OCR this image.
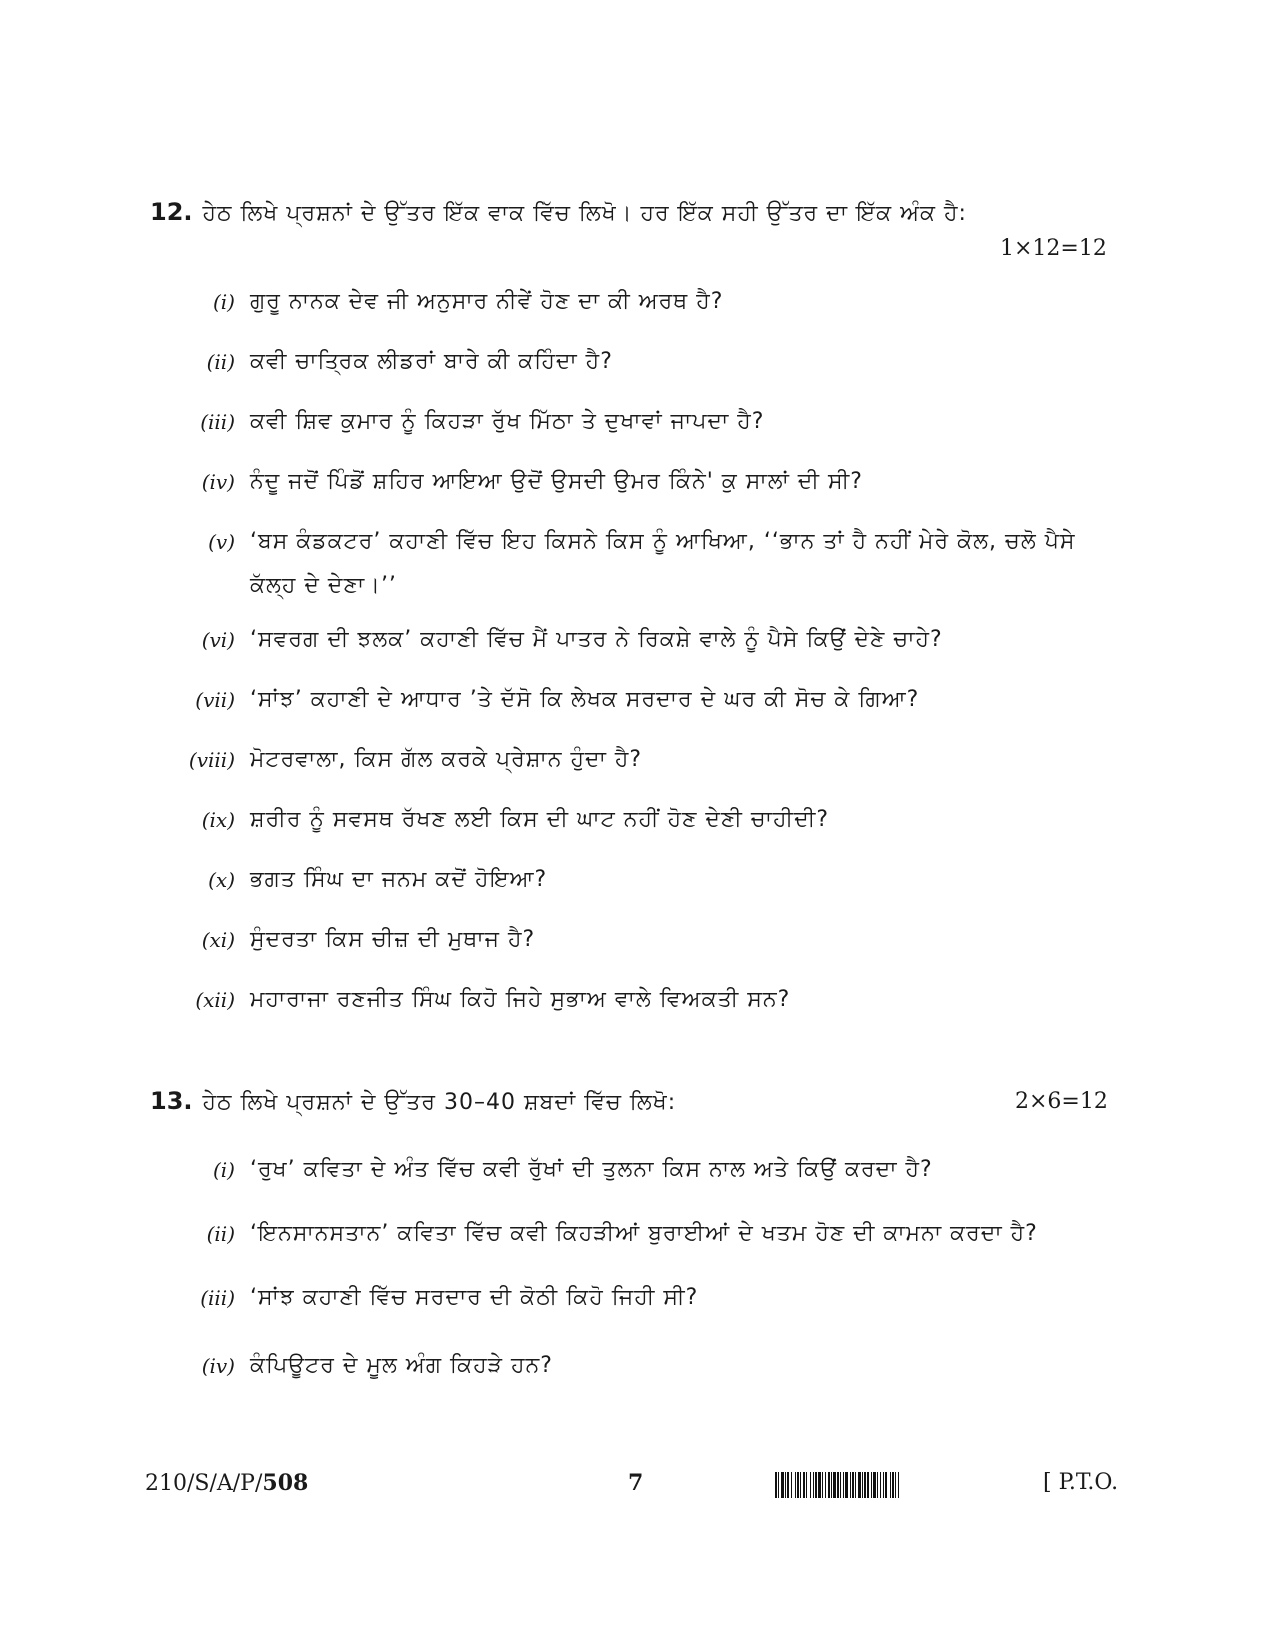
12. ਹੇਠ ਲਿਖੇ ਪ੍ਰਸ਼ਨਾਂ ਦੇ ਉੱਤਰ ਇੱਕ ਵਾਕ ਵਿੱਚ ਲਿਖੋ। ਹਰ ਇੱਕ ਸਹੀ ਉੱਤਰ ਦਾ ਇੱਕ ਅੰਕ ਹੈ:
1×12=12
(i) ਗੁਰੂ ਨਾਨਕ ਦੇਵ ਜੀ ਅਨੁਸਾਰ ਨੀਵੇਂ ਹੋਣ ਦਾ ਕੀ ਅਰਥ ਹੈ?
(ii) ਕਵੀ ਚਾਤ੍ਰਿਕ ਲੀਡਰਾਂ ਬਾਰੇ ਕੀ ਕਹਿੰਦਾ ਹੈ?
(iii) ਕਵੀ ਸ਼ਿਵ ਕੁਮਾਰ ਨੂੰ ਕਿਹੜਾ ਰੁੱਖ ਮਿੱਠਾ ਤੇ ਦੁਖਾਵਾਂ ਜਾਪਦਾ ਹੈ?
(iv) ਨੰਦੂ ਜਦੋਂ ਪਿੰਡੋਂ ਸ਼ਹਿਰ ਆਇਆ ਉਦੋਂ ਉਸਦੀ ਉਮਰ ਕਿੰਨੇ' ਕੁ ਸਾਲਾਂ ਦੀ ਸੀ?
(v) ‘ਬਸ ਕੰਡਕਟਰ’ ਕਹਾਣੀ ਵਿੱਚ ਇਹ ਕਿਸਨੇ ਕਿਸ ਨੂੰ ਆਖਿਆ, ‘‘ਭਾਨ ਤਾਂ ਹੈ ਨਹੀਂ ਮੇਰੇ ਕੋਲ, ਚਲੋ ਪੈਸੇ ਕੱਲ੍ਹ ਦੇ ਦੇਣਾ।’’
(vi) ‘ਸਵਰਗ ਦੀ ਝਲਕ’ ਕਹਾਣੀ ਵਿੱਚ ਮੈਂ ਪਾਤਰ ਨੇ ਰਿਕਸ਼ੇ ਵਾਲੇ ਨੂੰ ਪੈਸੇ ਕਿਉਂ ਦੇਣੇ ਚਾਹੇ?
(vii) ‘ਸਾਂਝ’ ਕਹਾਣੀ ਦੇ ਆਧਾਰ ’ਤੇ ਦੱਸੋ ਕਿ ਲੇਖਕ ਸਰਦਾਰ ਦੇ ਘਰ ਕੀ ਸੋਚ ਕੇ ਗਿਆ?
(viii) ਮੋਟਰਵਾਲਾ, ਕਿਸ ਗੱਲ ਕਰਕੇ ਪ੍ਰੇਸ਼ਾਨ ਹੁੰਦਾ ਹੈ?
(ix) ਸ਼ਰੀਰ ਨੂੰ ਸਵਸਥ ਰੱਖਣ ਲਈ ਕਿਸ ਦੀ ਘਾਟ ਨਹੀਂ ਹੋਣ ਦੇਣੀ ਚਾਹੀਦੀ?
(x) ਭਗਤ ਸਿੰਘ ਦਾ ਜਨਮ ਕਦੋਂ ਹੋਇਆ?
(xi) ਸੁੰਦਰਤਾ ਕਿਸ ਚੀਜ਼ ਦੀ ਮੁਥਾਜ ਹੈ?
(xii) ਮਹਾਰਾਜਾ ਰਣਜੀਤ ਸਿੰਘ ਕਿਹੋ ਜਿਹੇ ਸੁਭਾਅ ਵਾਲੇ ਵਿਅਕਤੀ ਸਨ?
13. ਹੇਠ ਲਿਖੇ ਪ੍ਰਸ਼ਨਾਂ ਦੇ ਉੱਤਰ 30–40 ਸ਼ਬਦਾਂ ਵਿੱਚ ਲਿਖੋ:	2×6=12
(i) ‘ਰੁਖ’ ਕਵਿਤਾ ਦੇ ਅੰਤ ਵਿੱਚ ਕਵੀ ਰੁੱਖਾਂ ਦੀ ਤੁਲਨਾ ਕਿਸ ਨਾਲ ਅਤੇ ਕਿਉਂ ਕਰਦਾ ਹੈ?
(ii) ‘ਇਨਸਾਨਸਤਾਨ’ ਕਵਿਤਾ ਵਿੱਚ ਕਵੀ ਕਿਹੜੀਆਂ ਬੁਰਾਈਆਂ ਦੇ ਖਤਮ ਹੋਣ ਦੀ ਕਾਮਨਾ ਕਰਦਾ ਹੈ?
(iii) ‘ਸਾਂਝ ਕਹਾਣੀ ਵਿੱਚ ਸਰਦਾਰ ਦੀ ਕੋਠੀ ਕਿਹੋ ਜਿਹੀ ਸੀ?
(iv) ਕੰਪਿਊਟਰ ਦੇ ਮੂਲ ਅੰਗ ਕਿਹੜੇ ਹਨ?
210/S/A/P/508	7	[ P.T.O.
